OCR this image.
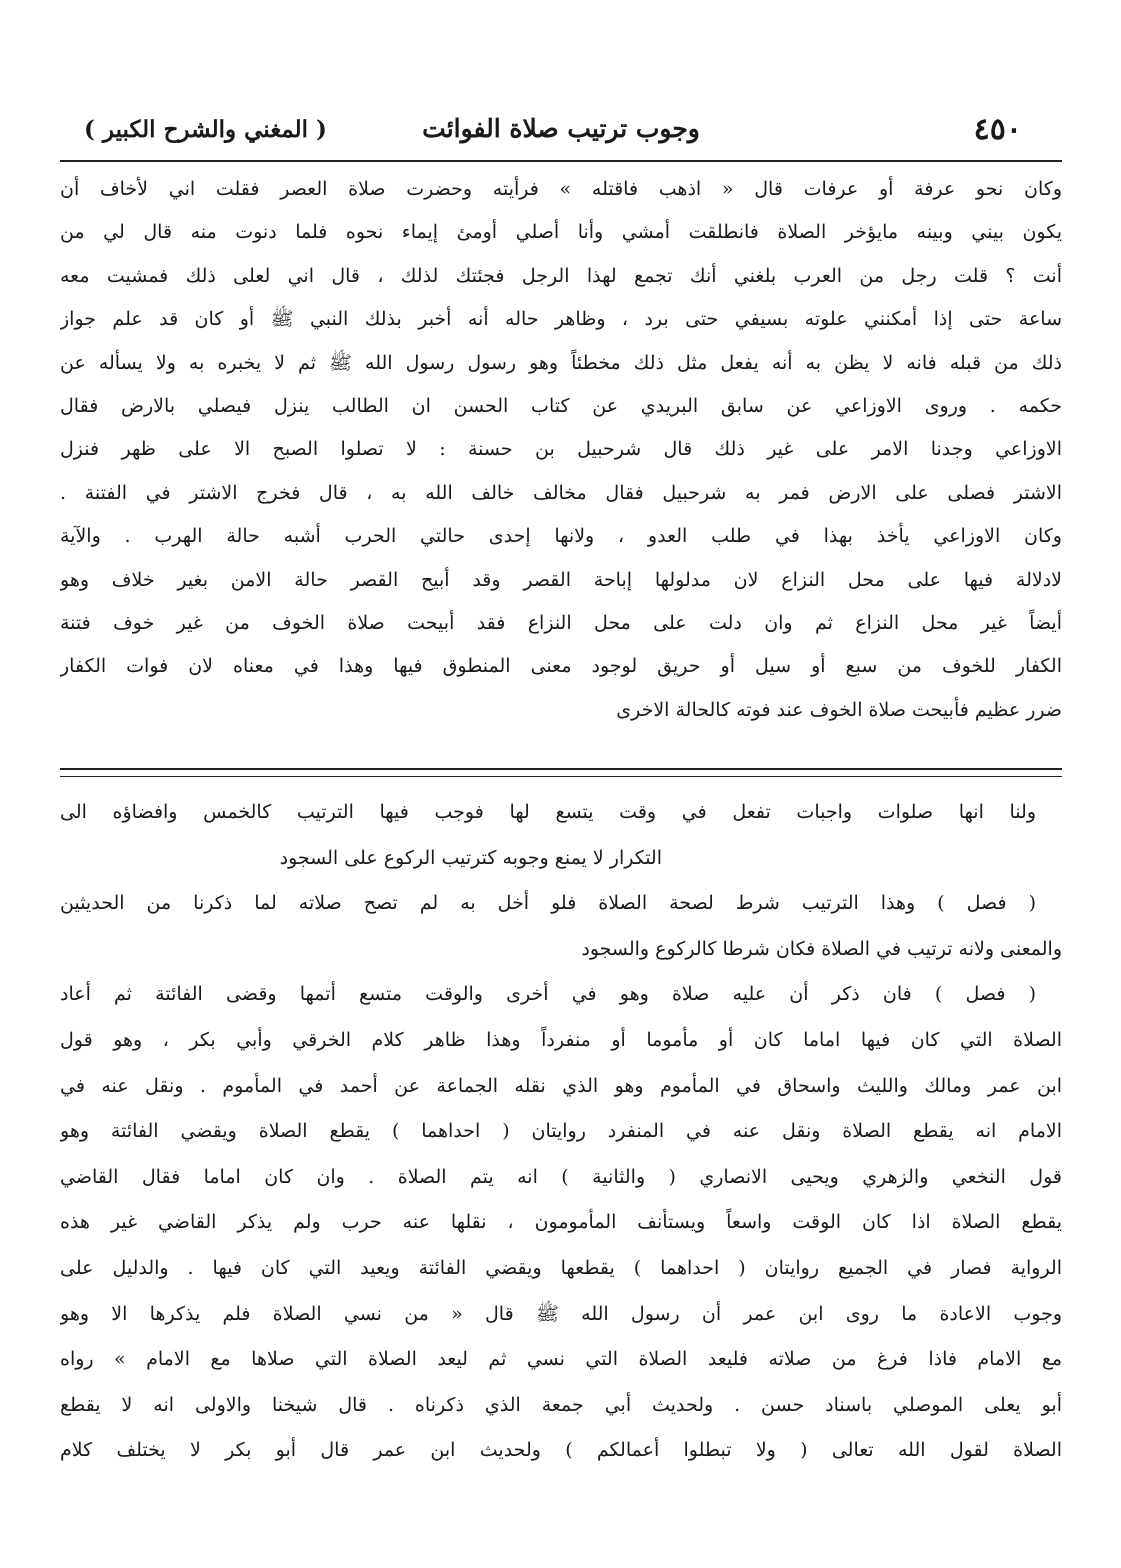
٤٥٠
وجوب ترتيب صلاة الفوائت
( المغني والشرح الكبير )
وكان نحو عرفة أو عرفات قال « اذهب فاقتله » فرأيته وحضرت صلاة العصر فقلت اني لأخاف أن
يكون بيني وبينه مايؤخر الصلاة فانطلقت أمشي وأنا أصلي أومئ إيماء نحوه فلما دنوت منه قال لي من
أنت ؟ قلت رجل من العرب بلغني أنك تجمع لهذا الرجل فجئتك لذلك ، قال اني لعلى ذلك فمشيت معه
ساعة حتى إذا أمكنني علوته بسيفي حتى برد ، وظاهر حاله أنه أخبر بذلك النبي ﷺ أو كان قد علم جواز
ذلك من قبله فانه لا يظن به أنه يفعل مثل ذلك مخطئاً وهو رسول رسول الله ﷺ ثم لا يخبره به ولا يسأله عن
حكمه . وروى الاوزاعي عن سابق البريدي عن كتاب الحسن ان الطالب ينزل فيصلي بالارض فقال
الاوزاعي وجدنا الامر على غير ذلك قال شرحبيل بن حسنة : لا تصلوا الصبح الا على ظهر فنزل
الاشتر فصلى على الارض فمر به شرحبيل فقال مخالف خالف الله به ، قال فخرج الاشتر في الفتنة .
وكان الاوزاعي يأخذ بهذا في طلب العدو ، ولانها إحدى حالتي الحرب أشبه حالة الهرب . والآية
لادلالة فيها على محل النزاع لان مدلولها إباحة القصر وقد أبيح القصر حالة الامن بغير خلاف وهو
أيضاً غير محل النزاع ثم وان دلت على محل النزاع فقد أبيحت صلاة الخوف من غير خوف فتنة
الكفار للخوف من سبع أو سيل أو حريق لوجود معنى المنطوق فيها وهذا في معناه لان فوات الكفار
ضرر عظيم فأبيحت صلاة الخوف عند فوته كالحالة الاخرى
ولنا انها صلوات واجبات تفعل في وقت يتسع لها فوجب فيها الترتيب كالخمس وافضاؤه الى
التكرار لا يمنع وجوبه كترتيب الركوع على السجود
( فصل ) وهذا الترتيب شرط لصحة الصلاة فلو أخل به لم تصح صلاته لما ذكرنا من الحديثين
والمعنى ولانه ترتيب في الصلاة فكان شرطا كالركوع والسجود
( فصل ) فان ذكر أن عليه صلاة وهو في أخرى والوقت متسع أتمها وقضى الفائتة ثم أعاد
الصلاة التي كان فيها اماما كان أو مأموما أو منفرداً وهذا ظاهر كلام الخرقي وأبي بكر ، وهو قول
ابن عمر ومالك والليث واسحاق في المأموم وهو الذي نقله الجماعة عن أحمد في المأموم . ونقل عنه في
الامام انه يقطع الصلاة ونقل عنه في المنفرد روايتان ( احداهما ) يقطع الصلاة ويقضي الفائتة وهو
قول النخعي والزهري ويحيى الانصاري ( والثانية ) انه يتم الصلاة . وان كان اماما فقال القاضي
يقطع الصلاة اذا كان الوقت واسعاً ويستأنف المأمومون ، نقلها عنه حرب ولم يذكر القاضي غير هذه
الرواية فصار في الجميع روايتان ( احداهما ) يقطعها ويقضي الفائتة ويعيد التي كان فيها . والدليل على
وجوب الاعادة ما روى ابن عمر أن رسول الله ﷺ قال « من نسي الصلاة فلم يذكرها الا وهو
مع الامام فاذا فرغ من صلاته فليعد الصلاة التي نسي ثم ليعد الصلاة التي صلاها مع الامام » رواه
أبو يعلى الموصلي باسناد حسن . ولحديث أبي جمعة الذي ذكرناه . قال شيخنا والاولى انه لا يقطع
الصلاة لقول الله تعالى ( ولا تبطلوا أعمالكم ) ولحديث ابن عمر قال أبو بكر لا يختلف كلام
